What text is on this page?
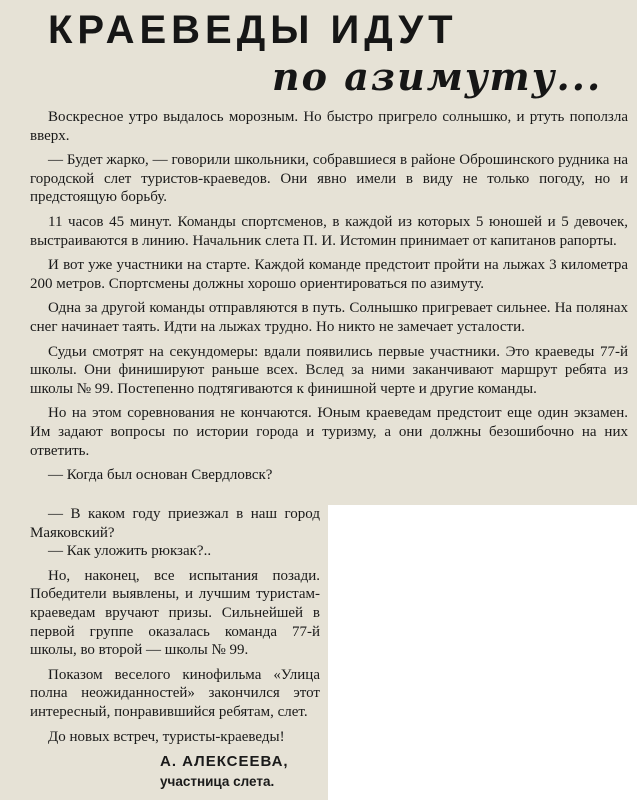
КРАЕВЕДЫ ИДУТ
по азимуту...

Воскресное утро выдалось морозным. Но быстро пригрело солнышко, и ртуть поползла вверх.

— Будет жарко, — говорили школьники, собравшиеся в районе Оброшинского рудника на городской слет туристов-краеведов. Они явно имели в виду не только погоду, но и предстоящую борьбу.

11 часов 45 минут. Команды спортсменов, в каждой из которых 5 юношей и 5 девочек, выстраиваются в линию. Начальник слета П. И. Истомин принимает от капитанов рапорты.

И вот уже участники на старте. Каждой команде предстоит пройти на лыжах 3 километра 200 метров. Спортсмены должны хорошо ориентироваться по азимуту.

Одна за другой команды отправляются в путь. Солнышко пригревает сильнее. На полянах снег начинает таять. Идти на лыжах трудно. Но никто не замечает усталости.

Судьи смотрят на секундомеры: вдали появились первые участники. Это краеведы 77-й школы. Они финишируют раньше всех. Вслед за ними заканчивают маршрут ребята из школы № 99. Постепенно подтягиваются к финишной черте и другие команды.

Но на этом соревнования не кончаются. Юным краеведам предстоит еще один экзамен. Им задают вопросы по истории города и туризму, а они должны безошибочно на них ответить.

— Когда был основан Свердловск?

— В каком году приезжал в наш город Маяковский?

— Как уложить рюкзак?..

Но, наконец, все испытания позади. Победители выявлены, и лучшим туристам-краеведам вручают призы. Сильнейшей в первой группе оказалась команда 77-й школы, во второй — школы № 99.

Показом веселого кинофильма «Улица полна неожиданностей» закончился этот интересный, понравившийся ребятам, слет.

До новых встреч, туристы-краеведы!

А. АЛЕКСЕЕВА,
участница слета.
